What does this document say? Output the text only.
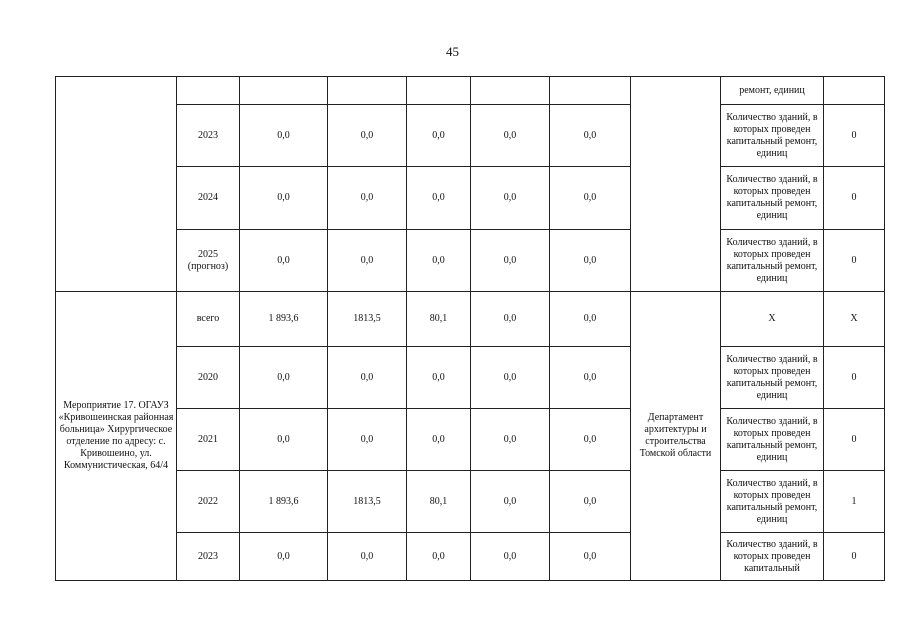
45
								ремонт, единиц	
	2023	0,0	0,0	0,0	0,0	0,0		Количество зданий, в которых проведен капитальный ремонт, единиц	0
	2024	0,0	0,0	0,0	0,0	0,0		Количество зданий, в которых проведен капитальный ремонт, единиц	0
	2025 (прогноз)	0,0	0,0	0,0	0,0	0,0		Количество зданий, в которых проведен капитальный ремонт, единиц	0
Мероприятие 17. ОГАУЗ «Кривошеинская районная больница» Хирургическое отделение по адресу: с. Кривошеино, ул. Коммунистическая, 64/4	всего	1 893,6	1813,5	80,1	0,0	0,0	Департамент архитектуры и строительства Томской области	Х	Х
	2020	0,0	0,0	0,0	0,0	0,0		Количество зданий, в которых проведен капитальный ремонт, единиц	0
	2021	0,0	0,0	0,0	0,0	0,0		Количество зданий, в которых проведен капитальный ремонт, единиц	0
	2022	1 893,6	1813,5	80,1	0,0	0,0		Количество зданий, в которых проведен капитальный ремонт, единиц	1
	2023	0,0	0,0	0,0	0,0	0,0		Количество зданий, в которых проведен капитальный	0
